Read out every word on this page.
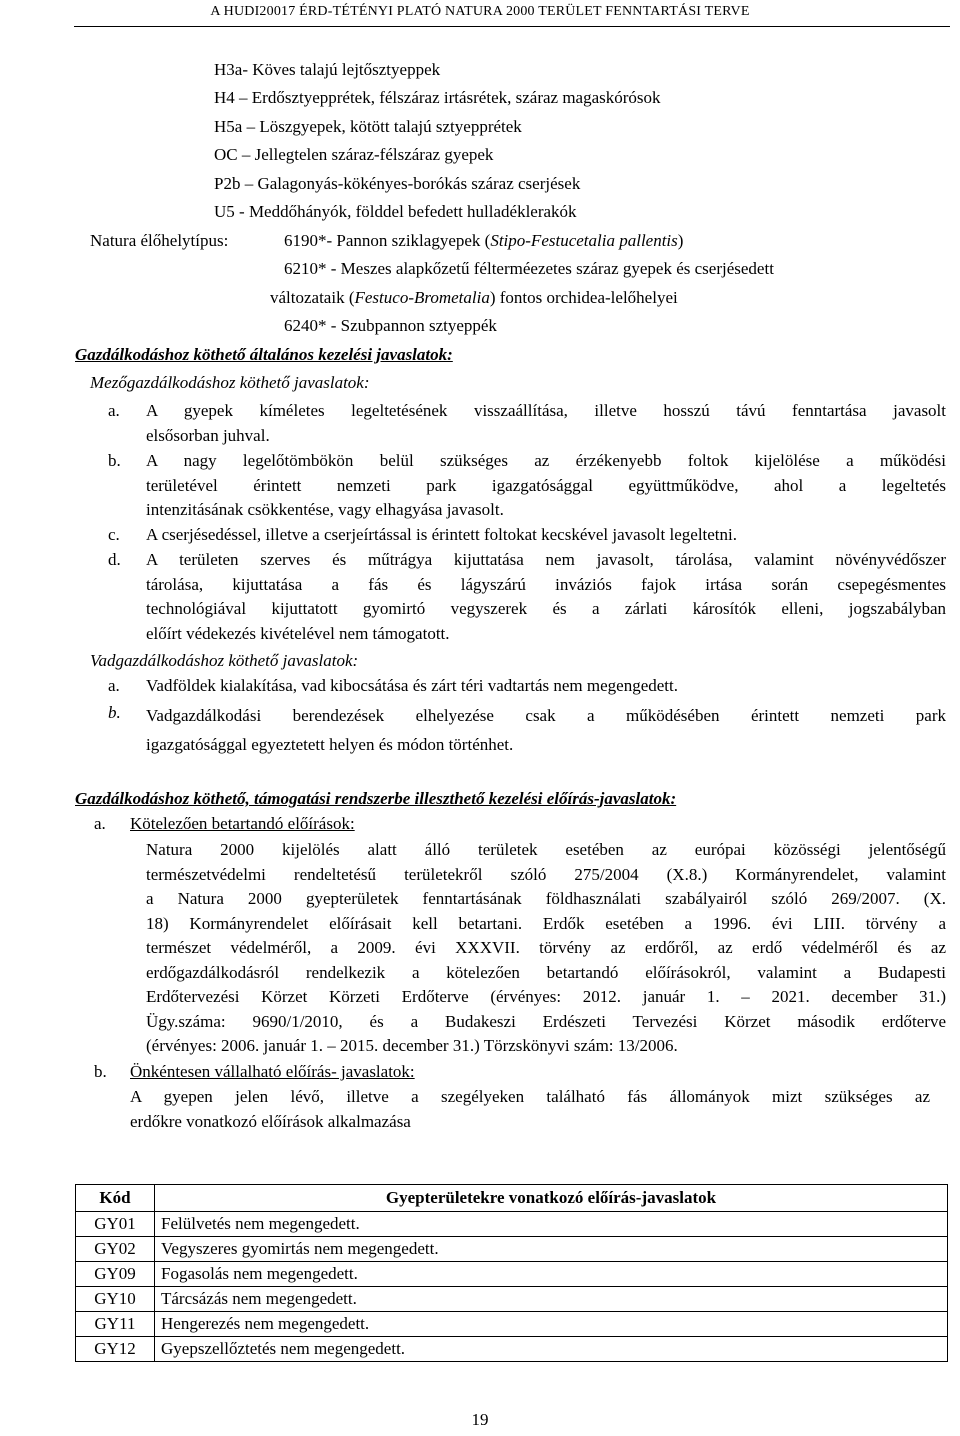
A HUDI20017 ÉRD-TÉTÉNYI PLATÓ NATURA 2000 TERÜLET FENNTARTÁSI TERVE
H3a- Köves talajú lejtősztyeppek
H4 – Erdősztyepprétek, félszáraz irtásrétek, száraz magaskórósok
H5a – Löszgyepek, kötött talajú sztyepprétek
OC – Jellegtelen száraz-félszáraz gyepek
P2b – Galagonyás-kökényes-borókás száraz cserjések
U5 - Meddőhányók, földdel befedett hulladéklerakók
Natura élőhelytípus:	6190*- Pannon sziklagyepek (Stipo-Festucetalia pallentis)
6210* - Meszes alapkőzetű félterméezetes száraz gyepek és cserjésedett
változataik (Festuco-Brometalia) fontos orchidea-lelőhelyei
6240* - Szubpannon sztyeppék
Gazdálkodáshoz köthető általános kezelési javaslatok:
Mezőgazdálkodáshoz köthető javaslatok:
a. A gyepek kíméletes legeltetésének visszaállítása, illetve hosszú távú fenntartása javasolt
elsősorban juhval.
b. A nagy legelőtömbökön belül szükséges az érzékenyebb foltok kijelölése a működési
területével érintett nemzeti park igazgatósággal együttműködve, ahol a legeltetés
intenzitásának csökkentése, vagy elhagyása javasolt.
c. A cserjésedéssel, illetve a cserjeírtással is érintett foltokat kecskével javasolt legeltetni.
d. A területen szerves és műtrágya kijuttatása nem javasolt, tárolása, valamint növényvédőszer
tárolása, kijuttatása a fás és lágyszárú inváziós fajok irtása során csepegésmentes
technológiával kijuttatott gyomirtó vegyszerek és a zárlati károsítók elleni, jogszabályban
előírt védekezés kivételével nem támogatott.
Vadgazdálkodáshoz köthető javaslatok:
a. Vadföldek kialakítása, vad kibocsátása és zárt téri vadtartás nem megengedett.
b. Vadgazdálkodási berendezések elhelyezése csak a működésében érintett nemzeti park
igazgatósággal egyeztetett helyen és módon történhet.
Gazdálkodáshoz köthető, támogatási rendszerbe illeszthető kezelési előírás-javaslatok:
a. Kötelezően betartandó előírások:
Natura 2000 kijelölés alatt álló területek esetében az európai közösségi jelentőségű
természetvédelmi rendeltetésű területekről szóló 275/2004 (X.8.) Kormányrendelet, valamint
a Natura 2000 gyepterületek fenntartásának földhasználati szabályairól szóló 269/2007. (X.
18) Kormányrendelet előírásait kell betartani. Erdők esetében a 1996. évi LIII. törvény a
természet védelméről, a 2009. évi XXXVII. törvény az erdőről, az erdő védelméről és az
erdőgazdálkodásról rendelkezik a kötelezően betartandó előírásokról, valamint a Budapesti
Erdőtervezési Körzet Körzeti Erdőterve (érvényes: 2012. január 1. – 2021. december 31.)
Ügy.száma: 9690/1/2010, és a Budakeszi Erdészeti Tervezési Körzet második erdőterve
(érvényes: 2006. január 1. – 2015. december 31.) Törzskönyvi szám: 13/2006.
b. Önkéntesen vállalható előírás- javaslatok:
A gyepen jelen lévő, illetve a szegélyeken található fás állományok mizt szükséges az
erdőkre vonatkozó előírások alkalmazása
Kód	Gyepterületekre vonatkozó előírás-javaslatok
GY01	Felülvetés nem megengedett.
GY02	Vegyszeres gyomirtás nem megengedett.
GY09	Fogasolás nem megengedett.
GY10	Tárcsázás nem megengedett.
GY11	Hengerezés nem megengedett.
GY12	Gyepszellőztetés nem megengedett.
19
